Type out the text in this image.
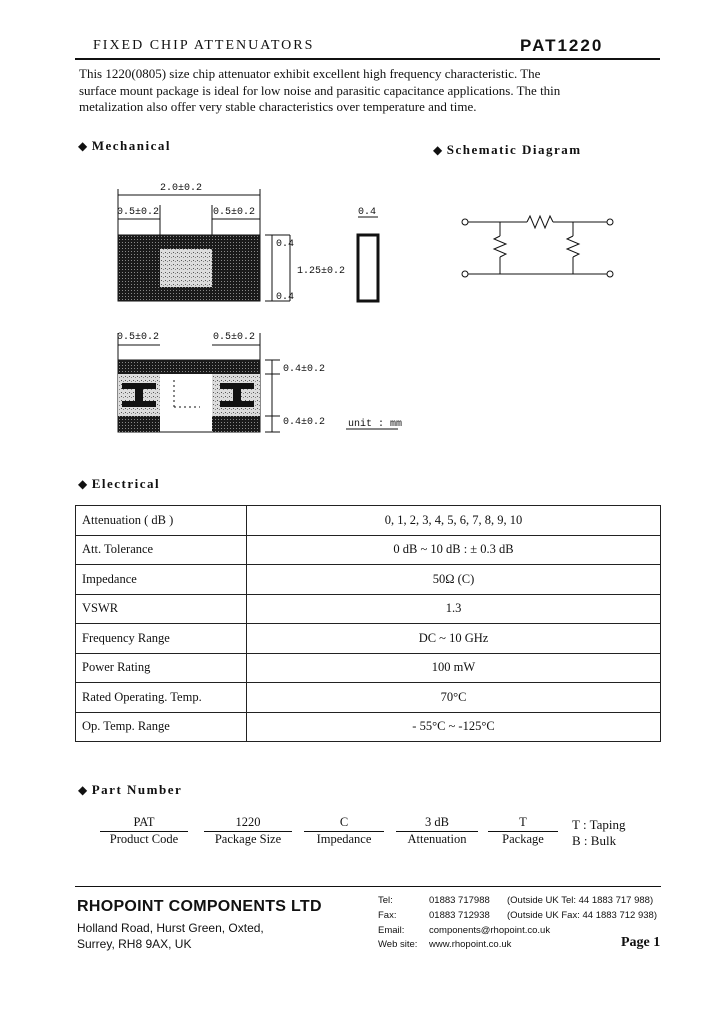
FIXED CHIP ATTENUATORS	PAT1220
This 1220(0805) size chip attenuator exhibit excellent high frequency characteristic. The
surface mount package is ideal for low noise and parasitic capacitance applications. The thin
metalization also offer very stable characteristics over temperature and time.
◆ Mechanical
2.0±0.2
0.5±0.2	0.5±0.2	0.4
0.4
1.25±0.2
0.4
0.5±0.2	0.5±0.2
0.4±0.2
0.4±0.2 unit : mm
◆ Schematic Diagram
◆ Electrical
Attenuation ( dB )	0, 1, 2, 3, 4, 5, 6, 7, 8, 9, 10
Att. Tolerance	0 dB ~ 10 dB : ± 0.3 dB
Impedance	50Ω (C)
VSWR	1.3
Frequency Range	DC ~ 10 GHz
Power Rating	100 mW
Rated Operating. Temp.	70°C
Op. Temp. Range	- 55°C ~ -125°C
◆ Part Number
PAT
Product Code
1220
Package Size
C
Impedance
3 dB
Attenuation
T
Package
T : Taping
B : Bulk
RHOPOINT COMPONENTS LTD
Holland Road, Hurst Green, Oxted,
Surrey, RH8 9AX, UK
Tel:	01883 717988 (Outside UK Tel: 44 1883 717 988)
Fax:	01883 712938 (Outside UK Fax: 44 1883 712 938)
Email:	components@rhopoint.co.uk
Web site: www.rhopoint.co.uk	Page 1
